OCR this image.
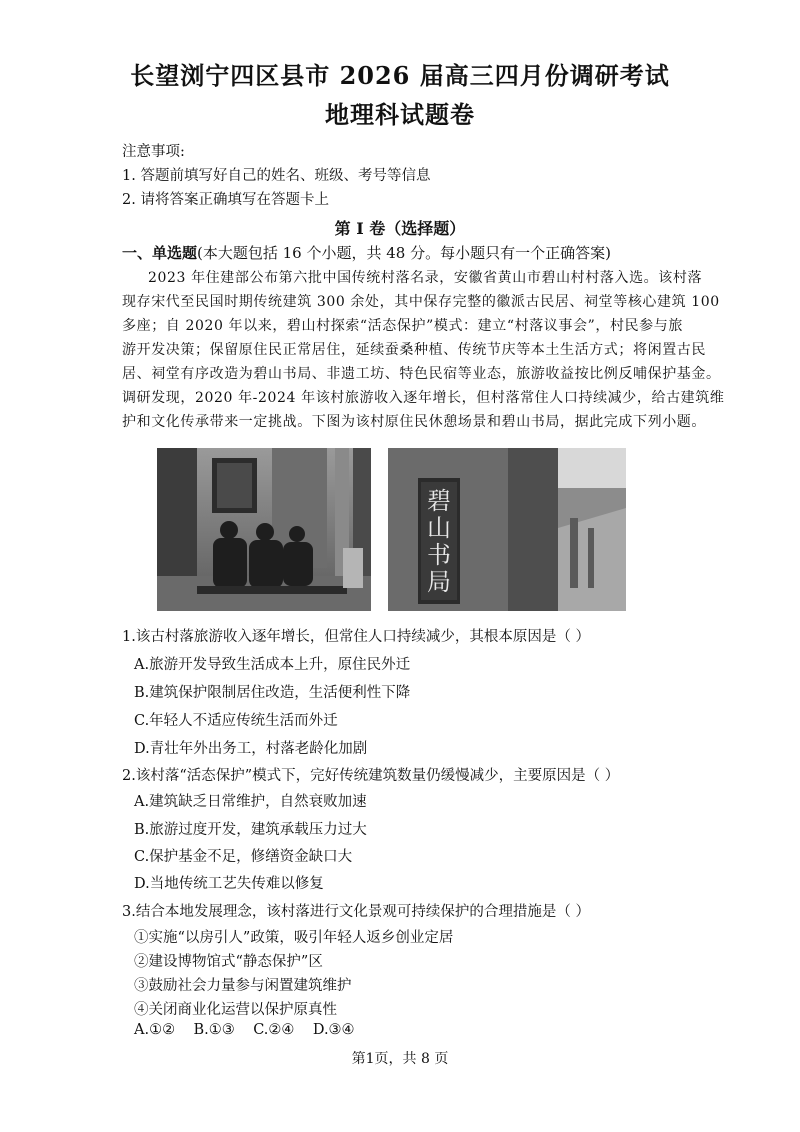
长望浏宁四区县市 2026 届高三四月份调研考试
地理科试题卷
注意事项:
1. 答题前填写好自己的姓名、班级、考号等信息
2. 请将答案正确填写在答题卡上
第 I 卷（选择题）
一、单选题(本大题包括 16 个小题，共 48 分。每小题只有一个正确答案)
2023 年住建部公布第六批中国传统村落名录，安徽省黄山市碧山村村落入选。该村落
现存宋代至民国时期传统建筑 300 余处，其中保存完整的徽派古民居、祠堂等核心建筑 100
多座；自 2020 年以来，碧山村探索“活态保护”模式：建立“村落议事会”，村民参与旅
游开发决策；保留原住民正常居住，延续蚕桑种植、传统节庆等本土生活方式；将闲置古民
居、祠堂有序改造为碧山书局、非遗工坊、特色民宿等业态，旅游收益按比例反哺保护基金。
调研发现，2020 年-2024 年该村旅游收入逐年增长，但村落常住人口持续减少，给古建筑维
护和文化传承带来一定挑战。下图为该村原住民休憩场景和碧山书局，据此完成下列小题。
碧山书局
1.该古村落旅游收入逐年增长，但常住人口持续减少，其根本原因是（ ）
A.旅游开发导致生活成本上升，原住民外迁
B.建筑保护限制居住改造，生活便利性下降
C.年轻人不适应传统生活而外迁
D.青壮年外出务工，村落老龄化加剧
2.该村落“活态保护”模式下，完好传统建筑数量仍缓慢减少，主要原因是（ ）
A.建筑缺乏日常维护，自然衰败加速
B.旅游过度开发，建筑承载压力过大
C.保护基金不足，修缮资金缺口大
D.当地传统工艺失传难以修复
3.结合本地发展理念，该村落进行文化景观可持续保护的合理措施是（ ）
①实施“以房引人”政策，吸引年轻人返乡创业定居
②建设博物馆式“静态保护”区
③鼓励社会力量参与闲置建筑维护
④关闭商业化运营以保护原真性
A.①②    B.①③    C.②④    D.③④
第1页，共 8 页
